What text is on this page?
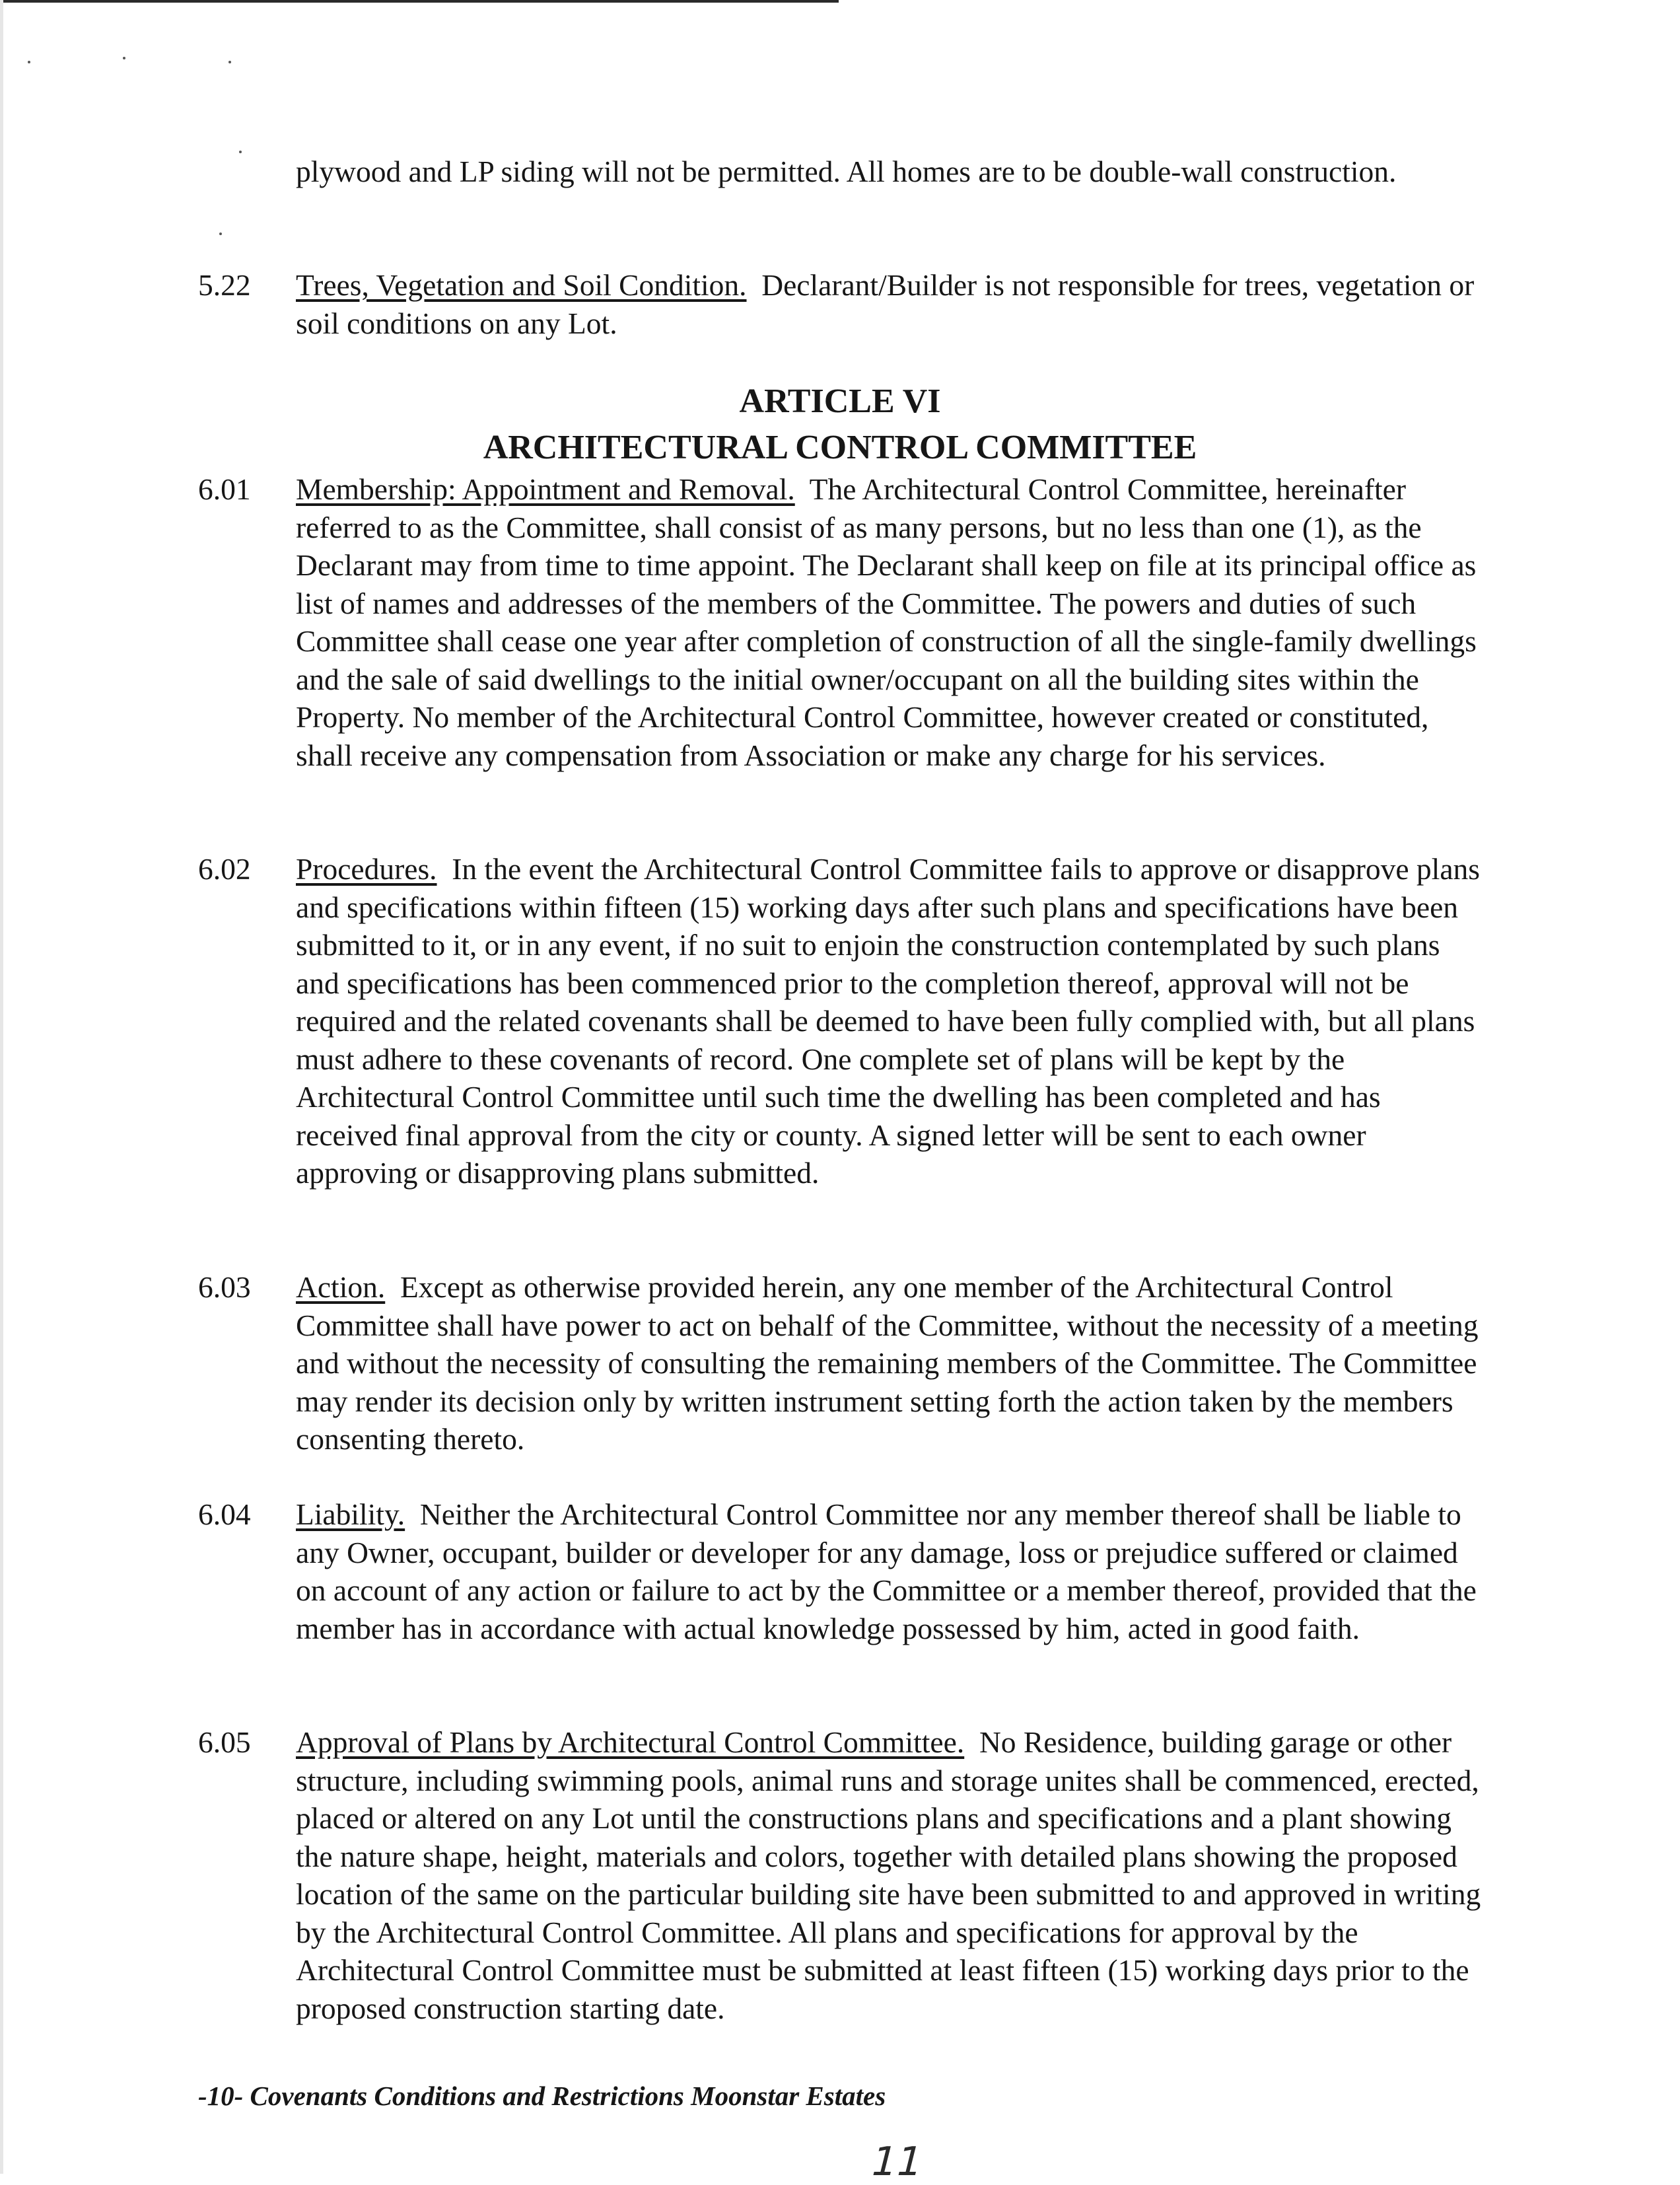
plywood and LP siding will not be permitted. All homes are to be double-wall construction.

5.22 Trees, Vegetation and Soil Condition. Declarant/Builder is not responsible for trees, vegetation or soil conditions on any Lot.

ARTICLE VI
ARCHITECTURAL CONTROL COMMITTEE
6.01 Membership: Appointment and Removal. The Architectural Control Committee, hereinafter referred to as the Committee, shall consist of as many persons, but no less than one (1), as the Declarant may from time to time appoint. The Declarant shall keep on file at its principal office as list of names and addresses of the members of the Committee. The powers and duties of such Committee shall cease one year after completion of construction of all the single-family dwellings and the sale of said dwellings to the initial owner/occupant on all the building sites within the Property. No member of the Architectural Control Committee, however created or constituted, shall receive any compensation from Association or make any charge for his services.

6.02 Procedures. In the event the Architectural Control Committee fails to approve or disapprove plans and specifications within fifteen (15) working days after such plans and specifications have been submitted to it, or in any event, if no suit to enjoin the construction contemplated by such plans and specifications has been commenced prior to the completion thereof, approval will not be required and the related covenants shall be deemed to have been fully complied with, but all plans must adhere to these covenants of record. One complete set of plans will be kept by the Architectural Control Committee until such time the dwelling has been completed and has received final approval from the city or county. A signed letter will be sent to each owner approving or disapproving plans submitted.

6.03 Action. Except as otherwise provided herein, any one member of the Architectural Control Committee shall have power to act on behalf of the Committee, without the necessity of a meeting and without the necessity of consulting the remaining members of the Committee. The Committee may render its decision only by written instrument setting forth the action taken by the members consenting thereto.

6.04 Liability. Neither the Architectural Control Committee nor any member thereof shall be liable to any Owner, occupant, builder or developer for any damage, loss or prejudice suffered or claimed on account of any action or failure to act by the Committee or a member thereof, provided that the member has in accordance with actual knowledge possessed by him, acted in good faith.

6.05 Approval of Plans by Architectural Control Committee. No Residence, building garage or other structure, including swimming pools, animal runs and storage unites shall be commenced, erected, placed or altered on any Lot until the constructions plans and specifications and a plant showing the nature shape, height, materials and colors, together with detailed plans showing the proposed location of the same on the particular building site have been submitted to and approved in writing by the Architectural Control Committee. All plans and specifications for approval by the Architectural Control Committee must be submitted at least fifteen (15) working days prior to the proposed construction starting date.

-10- Covenants Conditions and Restrictions Moonstar Estates
11
